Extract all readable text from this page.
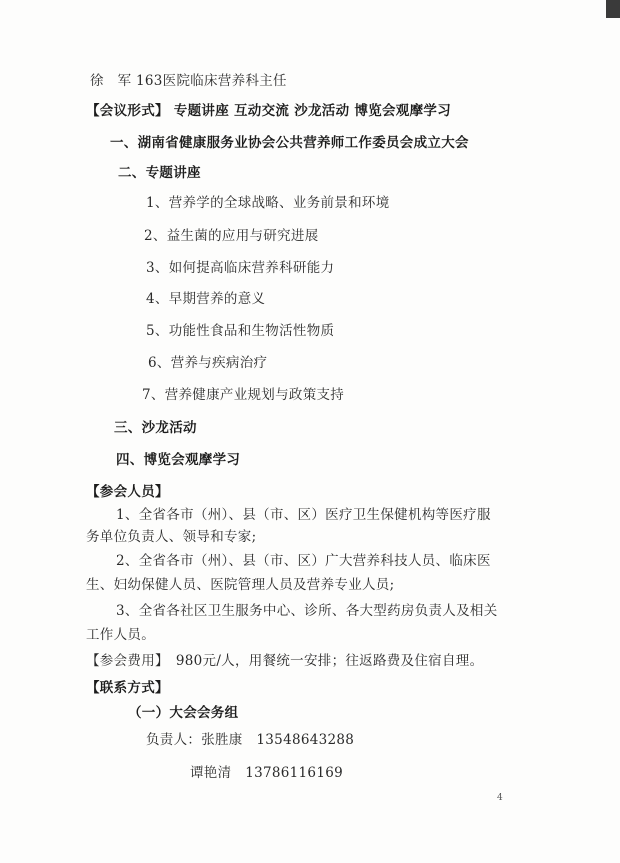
徐　军 163医院临床营养科主任
【会议形式】 专题讲座 互动交流 沙龙活动 博览会观摩学习
一、湖南省健康服务业协会公共营养师工作委员会成立大会
二、专题讲座
1、营养学的全球战略、业务前景和环境
2、益生菌的应用与研究进展
3、如何提高临床营养科研能力
4、早期营养的意义
5、功能性食品和生物活性物质
6、营养与疾病治疗
7、营养健康产业规划与政策支持
三、沙龙活动
四、博览会观摩学习
【参会人员】
1、全省各市（州）、县（市、区）医疗卫生保健机构等医疗服
务单位负责人、领导和专家;
2、全省各市（州）、县（市、区）广大营养科技人员、临床医
生、妇幼保健人员、医院管理人员及营养专业人员;
3、全省各社区卫生服务中心、诊所、各大型药房负责人及相关
工作人员。
【参会费用】　980元/人，用餐统一安排；往返路费及住宿自理。
【联系方式】
（一）大会会务组
负责人：张胜康　13548643288
谭艳清　13786116169
4
